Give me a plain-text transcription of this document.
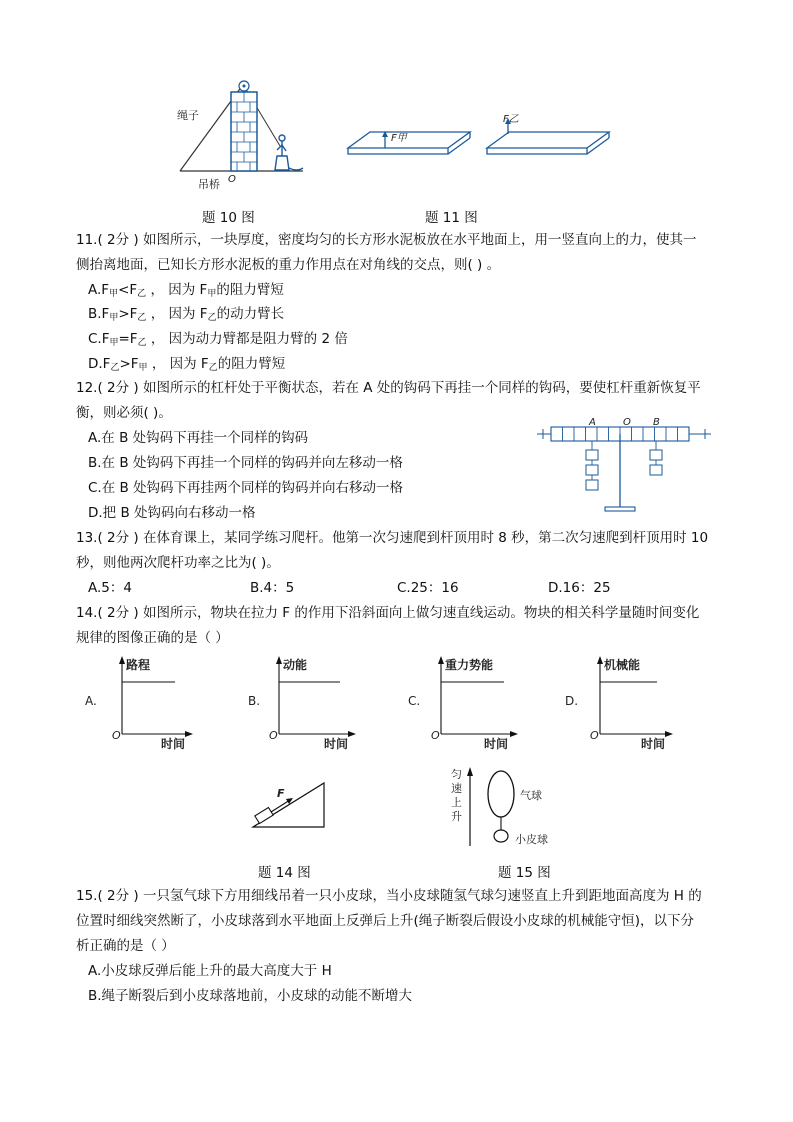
绳子
吊桥 O
F甲
F乙
题 10 图	题 11 图
11.( 2分 ) 如图所示，一块厚度，密度均匀的长方形水泥板放在水平地面上，用一竖直向上的力，使其一
侧抬离地面，已知长方形水泥板的重力作用点在对角线的交点，则( ) 。
$A.F_甲<F_乙$ ， 因为 $F_甲$的阻力臂短
$B.F_甲>F_乙$ ， 因为 $F_乙$的动力臂长
$C.F_甲=F_乙$ ， 因为动力臂都是阻力臂的 2 倍
$D.F_乙>F_甲$ ， 因为 $F_乙$的阻力臂短
12.( 2分 ) 如图所示的杠杆处于平衡状态，若在 A 处的钩码下再挂一个同样的钩码，要使杠杆重新恢复平
衡，则必须( )。
A.在 B 处钩码下再挂一个同样的钩码
B.在 B 处钩码下再挂一个同样的钩码并向左移动一格
C.在 B 处钩码下再挂两个同样的钩码并向右移动一格
D.把 B 处钩码向右移动一格
A	O B
13.( 2分 ) 在体育课上，某同学练习爬杆。他第一次匀速爬到杆顶用时 8 秒，第二次匀速爬到杆顶用时 10
秒，则他两次爬杆功率之比为( )。
A.5：4	B.4：5	C.25：16	D.16：25
14.( 2分 ) 如图所示，物块在拉力 F 的作用下沿斜面向上做匀速直线运动。物块的相关科学量随时间变化
规律的图像正确的是（ ）
A.
路程
时间
O
B.
动能
时间
O
C.
重力势能
时间
O
D.
机械能
时间
O
F
匀
速
上
升
气球
小皮球
题 14 图	题 15 图
15.( 2分 ) 一只氢气球下方用细线吊着一只小皮球，当小皮球随氢气球匀速竖直上升到距地面高度为 H 的
位置时细线突然断了，小皮球落到水平地面上反弹后上升(绳子断裂后假设小皮球的机械能守恒)，以下分
析正确的是（ ）
A.小皮球反弹后能上升的最大高度大于 H
B.绳子断裂后到小皮球落地前，小皮球的动能不断增大
